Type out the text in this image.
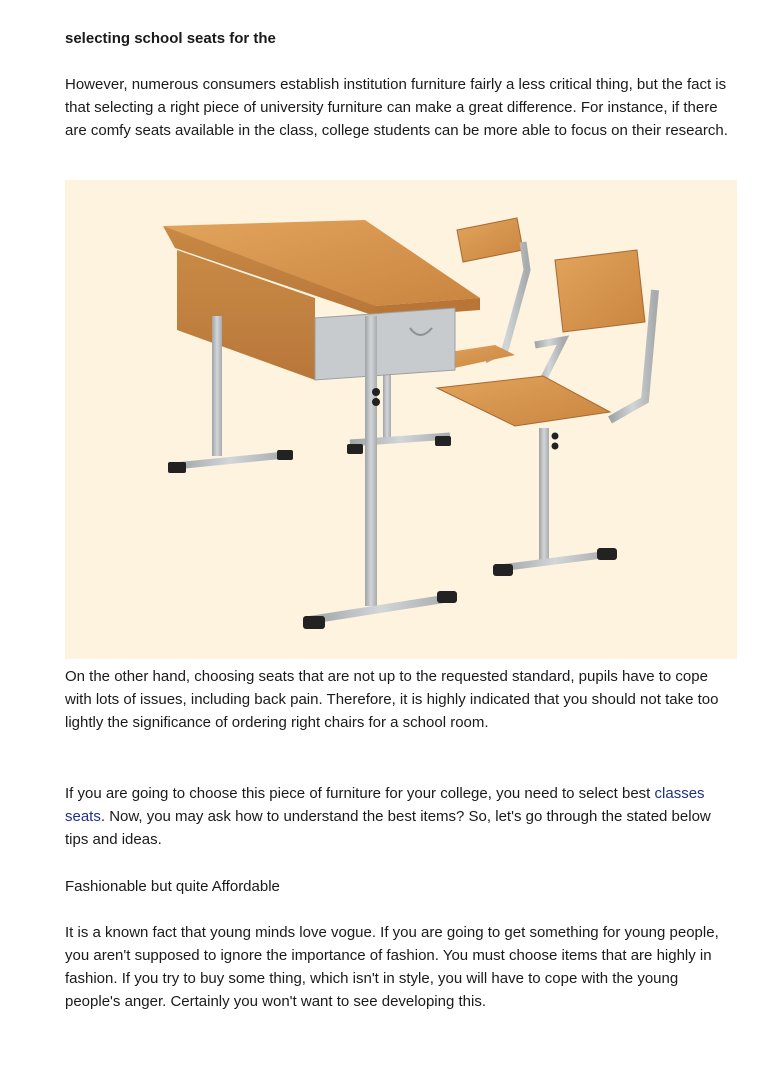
selecting school seats for the

However, numerous consumers establish institution furniture fairly a less critical thing, but the fact is that selecting a right piece of university furniture can make a great difference. For instance, if there are comfy seats available in the class, college students can be more able to focus on their research.

On the other hand, choosing seats that are not up to the requested standard, pupils have to cope with lots of issues, including back pain. Therefore, it is highly indicated that you should not take too lightly the significance of ordering right chairs for a school room.

If you are going to choose this piece of furniture for your college, you need to select best classes seats. Now, you may ask how to understand the best items? So, let's go through the stated below tips and ideas.

Fashionable but quite Affordable

It is a known fact that young minds love vogue. If you are going to get something for young people, you aren't supposed to ignore the importance of fashion. You must choose items that are highly in fashion. If you try to buy some thing, which isn't in style, you will have to cope with the young people's anger. Certainly you won't want to see developing this.
